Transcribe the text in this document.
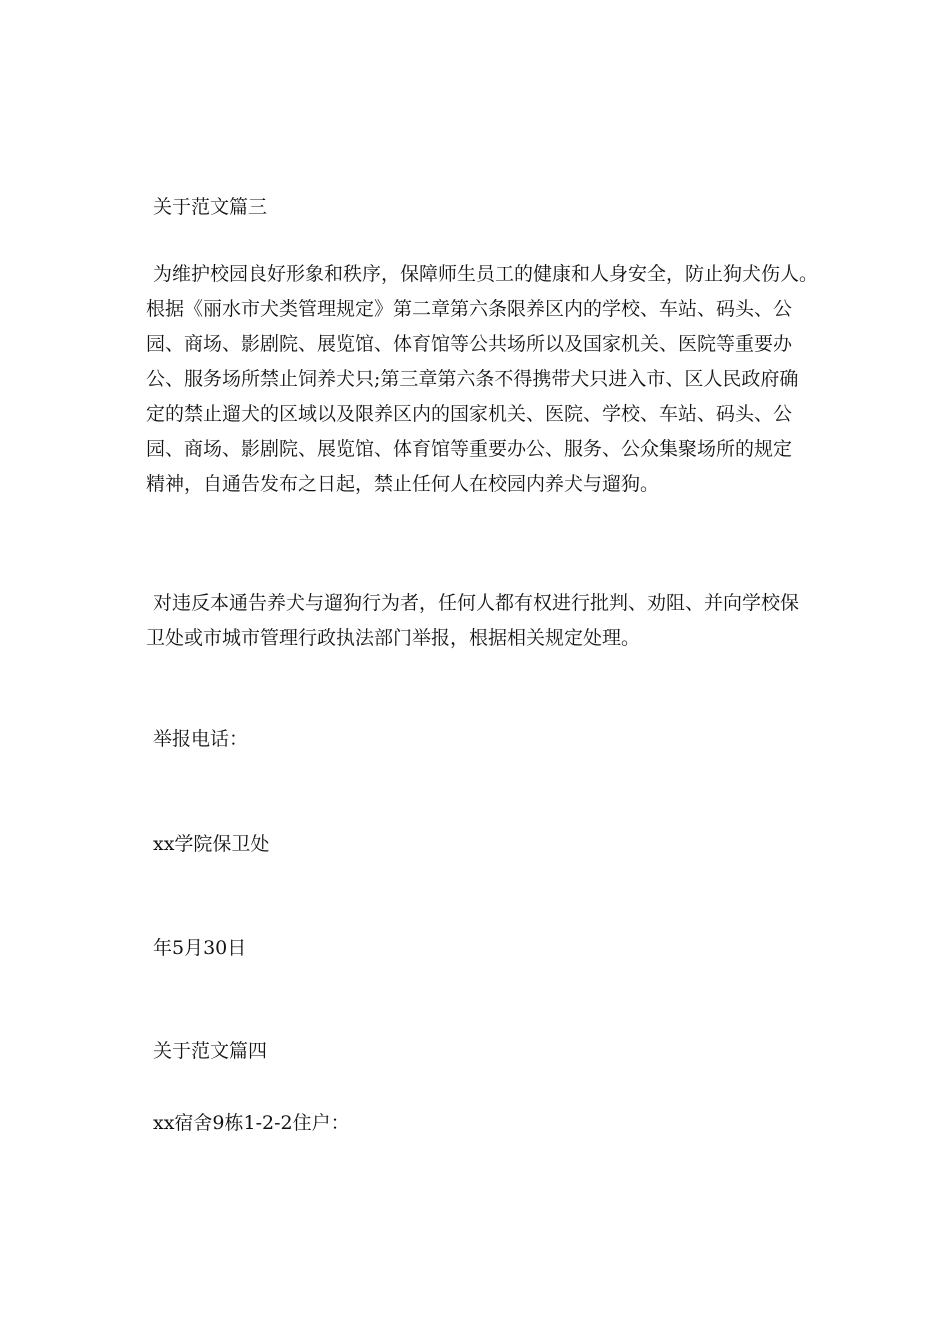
关于范文篇三
为维护校园良好形象和秩序，保障师生员工的健康和人身安全，防止狗犬伤人。
根据《丽水市犬类管理规定》第二章第六条限养区内的学校、车站、码头、公
园、商场、影剧院、展览馆、体育馆等公共场所以及国家机关、医院等重要办
公、服务场所禁止饲养犬只;第三章第六条不得携带犬只进入市、区人民政府确
定的禁止遛犬的区域以及限养区内的国家机关、医院、学校、车站、码头、公
园、商场、影剧院、展览馆、体育馆等重要办公、服务、公众集聚场所的规定
精神，自通告发布之日起，禁止任何人在校园内养犬与遛狗。
对违反本通告养犬与遛狗行为者，任何人都有权进行批判、劝阻、并向学校保
卫处或市城市管理行政执法部门举报，根据相关规定处理。
举报电话：
xx学院保卫处
年5月30日
关于范文篇四
xx宿舍9栋1-2-2住户：
